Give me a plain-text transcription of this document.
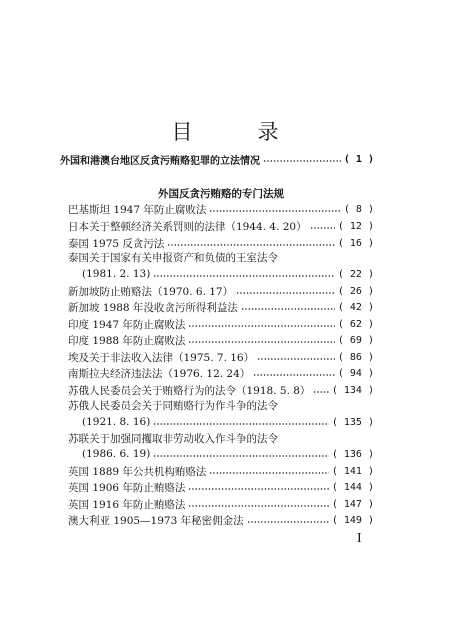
目　录
外国和港澳台地区反贪污贿赂犯罪的立法情况	( 1 )
外国反贪污贿赂的专门法规
巴基斯坦 1947 年防止腐败法	( 8 )
日本关于整顿经济关系罚则的法律（1944. 4. 20）	( 12 )
泰国 1975 反贪污法	( 16 )
泰国关于国家有关申报资产和负债的王室法令
(1981. 2. 13)	( 22 )
新加坡防止贿赂法（1970. 6. 17）	( 26 )
新加坡 1988 年没收贪污所得利益法	( 42 )
印度 1947 年防止腐败法	( 62 )
印度 1988 年防止腐败法	( 69 )
埃及关于非法收入法律（1975. 7. 16）	( 86 )
南斯拉夫经济违法法（1976. 12. 24）	( 94 )
苏俄人民委员会关于贿赂行为的法令（1918. 5. 8） ( 134 )
苏俄人民委员会关于同贿赂行为作斗争的法令
(1921. 8. 16)	( 135 )
苏联关于加强同攫取非劳动收入作斗争的法令
(1986. 6. 19)	( 136 )
英国 1889 年公共机构贿赂法	( 141 )
英国 1906 年防止贿赂法	( 144 )
英国 1916 年防止贿赂法	( 147 )
澳大利亚 1905—1973 年秘密佣金法	( 149 )
I
